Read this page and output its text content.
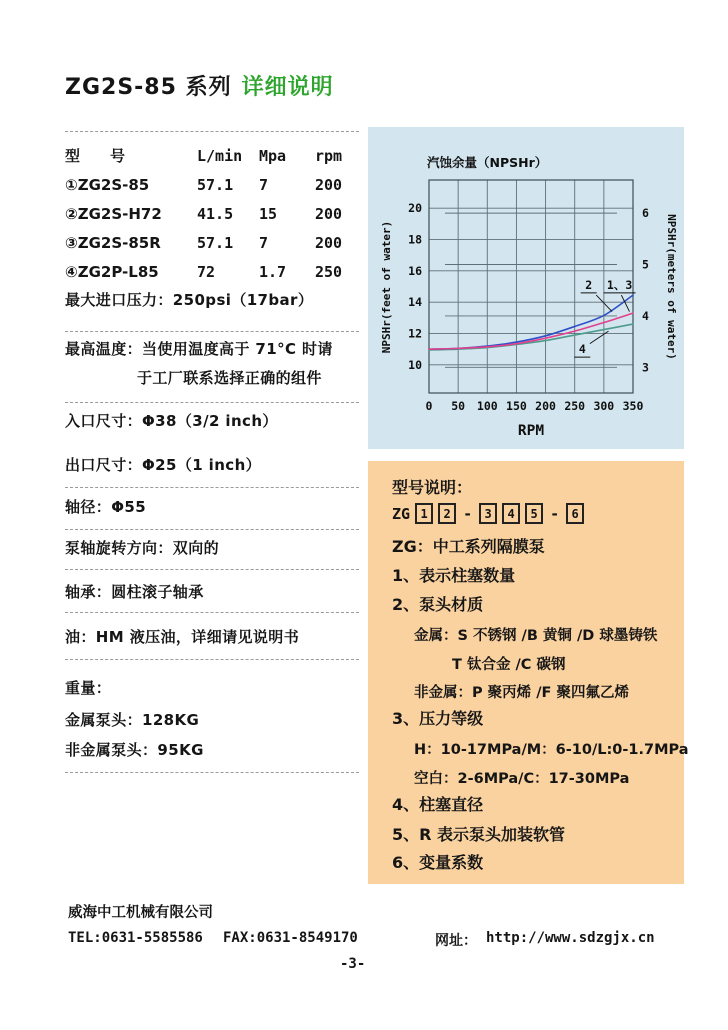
ZG2S-85 系列 详细说明
型　　号	L/min	Mpa	rpm
①ZG2S-85	57.1	7	200
②ZG2S-H72	41.5	15	200
③ZG2S-85R	57.1	7	200
④ZG2P-L85	72	1.7	250
最大进口压力：250psi（17bar）
最高温度：当使用温度高于 71°C 时请
于工厂联系选择正确的组件
入口尺寸：Φ38（3/2 inch）
出口尺寸：Φ25（1 inch）
轴径：Φ55
泵轴旋转方向：双向的
轴承：圆柱滚子轴承
油：HM 液压油，详细请见说明书
重量：
金属泵头：128KG
非金属泵头：95KG
0 50 100 150 200 250 300 350
10
12
14
16
18
20
3
4
5
6
2 1、3
4
汽蚀余量（NPSHr）
RPM
NPSHr(feet of water)	NPSHr(meters of water)
型号说明：
ZG 1	2 -	3	4	5 -	6
ZG：中工系列隔膜泵
1、表示柱塞数量
2、泵头材质
金属：S 不锈钢 /B 黄铜 /D 球墨铸铁
T 钛合金 /C 碳钢
非金属：P 聚丙烯 /F 聚四氟乙烯
3、压力等级
H：10-17MPa/M：6-10/L:0-1.7MPa
空白：2-6MPa/C：17-30MPa
4、柱塞直径
5、R 表示泵头加装软管
6、变量系数
威海中工机械有限公司
TEL:0631-5585586 FAX:0631-8549170	网址： http://www.sdzgjx.cn
-3-
